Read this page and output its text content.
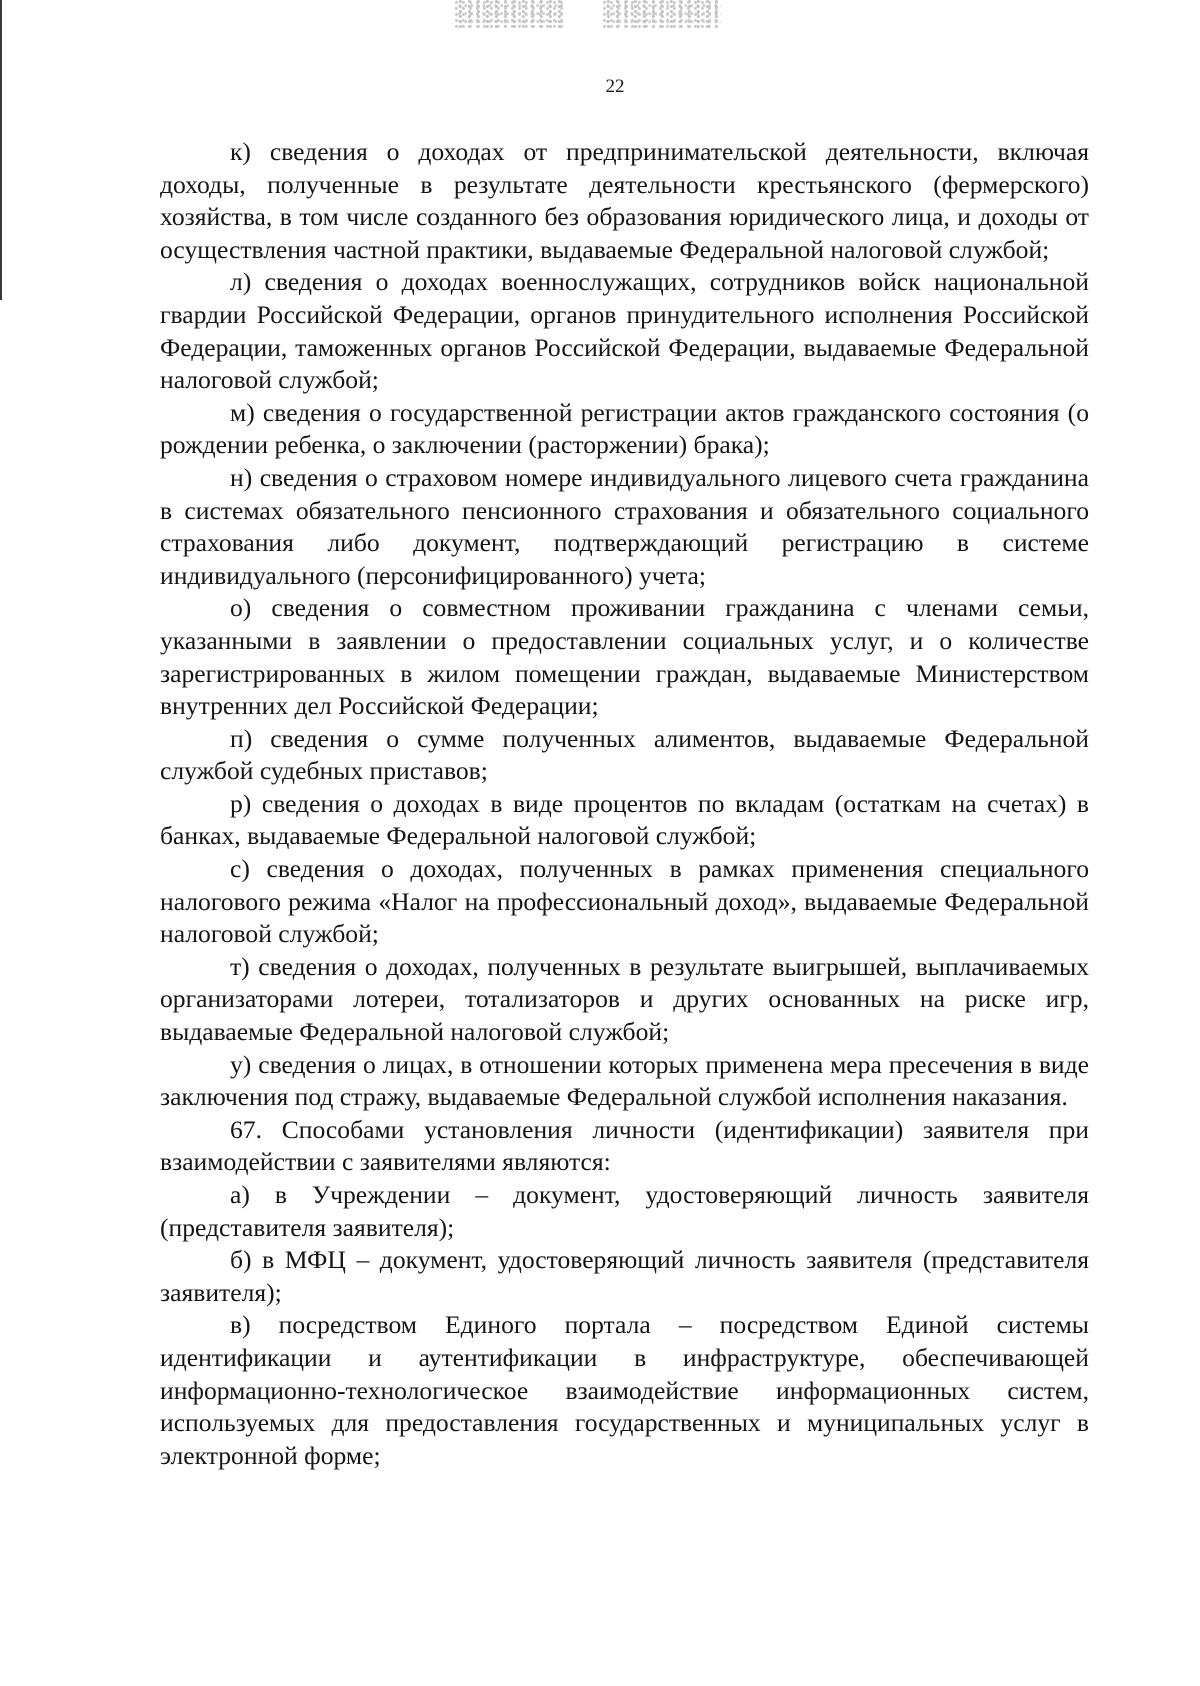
22

к) сведения о доходах от предпринимательской деятельности, включая доходы, полученные в результате деятельности крестьянского (фермерского) хозяйства, в том числе созданного без образования юридического лица, и доходы от осуществления частной практики, выдаваемые Федеральной налоговой службой;

л) сведения о доходах военнослужащих, сотрудников войск национальной гвардии Российской Федерации, органов принудительного исполнения Российской Федерации, таможенных органов Российской Федерации, выдаваемые Федеральной налоговой службой;

м) сведения о государственной регистрации актов гражданского состояния (о рождении ребенка, о заключении (расторжении) брака);

н) сведения о страховом номере индивидуального лицевого счета гражданина в системах обязательного пенсионного страхования и обязательного социального страхования либо документ, подтверждающий регистрацию в системе индивидуального (персонифицированного) учета;

о) сведения о совместном проживании гражданина с членами семьи, указанными в заявлении о предоставлении социальных услуг, и о количестве зарегистрированных в жилом помещении граждан, выдаваемые Министерством внутренних дел Российской Федерации;

п) сведения о сумме полученных алиментов, выдаваемые Федеральной службой судебных приставов;

р) сведения о доходах в виде процентов по вкладам (остаткам на счетах) в банках, выдаваемые Федеральной налоговой службой;

с) сведения о доходах, полученных в рамках применения специального налогового режима «Налог на профессиональный доход», выдаваемые Федеральной налоговой службой;

т) сведения о доходах, полученных в результате выигрышей, выплачиваемых организаторами лотереи, тотализаторов и других основанных на риске игр, выдаваемые Федеральной налоговой службой;

у) сведения о лицах, в отношении которых применена мера пресечения в виде заключения под стражу, выдаваемые Федеральной службой исполнения наказания.

67. Способами установления личности (идентификации) заявителя при взаимодействии с заявителями являются:

а) в Учреждении – документ, удостоверяющий личность заявителя (представителя заявителя);

б) в МФЦ – документ, удостоверяющий личность заявителя (представителя заявителя);

в) посредством Единого портала – посредством Единой системы идентификации и аутентификации в инфраструктуре, обеспечивающей информационно-технологическое взаимодействие информационных систем, используемых для предоставления государственных и муниципальных услуг в электронной форме;
